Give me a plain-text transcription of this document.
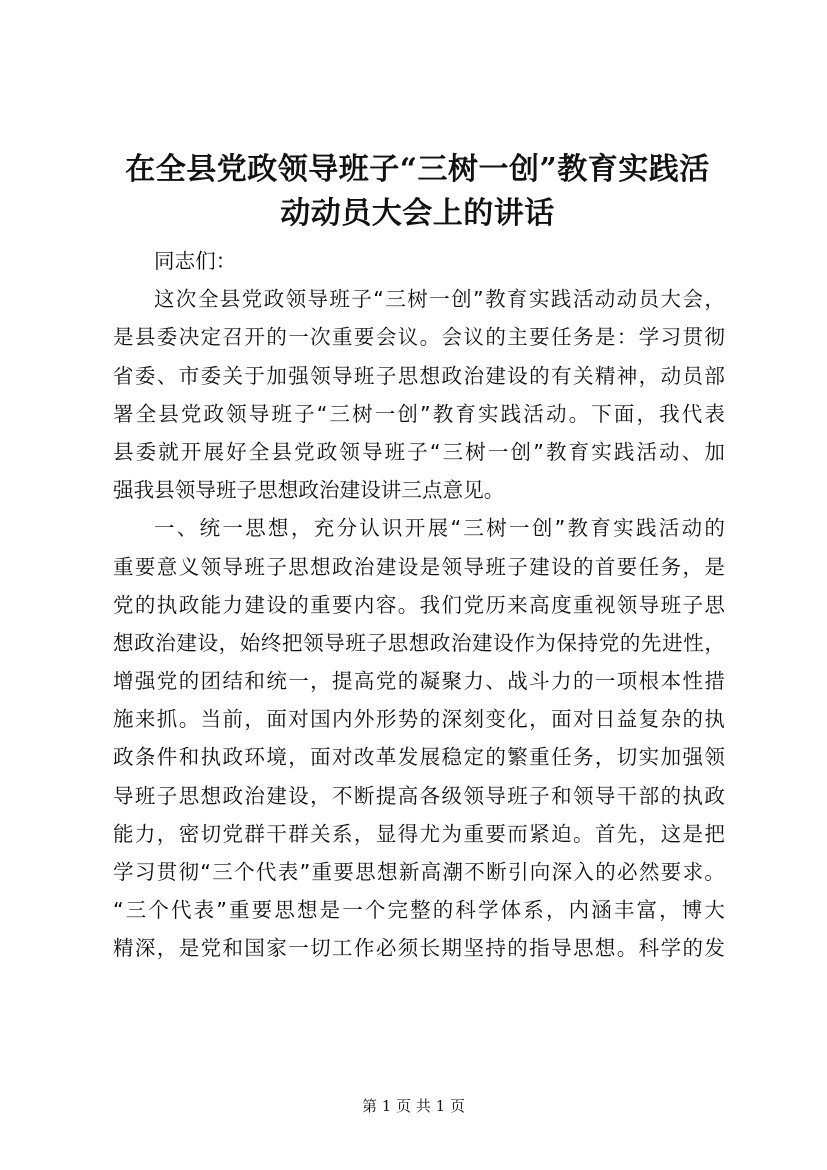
在全县党政领导班子“三树一创”教育实践活
动动员大会上的讲话
同志们：
这次全县党政领导班子“三树一创”教育实践活动动员大会，
是县委决定召开的一次重要会议。会议的主要任务是：学习贯彻
省委、市委关于加强领导班子思想政治建设的有关精神，动员部
署全县党政领导班子“三树一创”教育实践活动。下面，我代表
县委就开展好全县党政领导班子“三树一创”教育实践活动、加
强我县领导班子思想政治建设讲三点意见。
一、统一思想，充分认识开展“三树一创”教育实践活动的
重要意义领导班子思想政治建设是领导班子建设的首要任务，是
党的执政能力建设的重要内容。我们党历来高度重视领导班子思
想政治建设，始终把领导班子思想政治建设作为保持党的先进性，
增强党的团结和统一，提高党的凝聚力、战斗力的一项根本性措
施来抓。当前，面对国内外形势的深刻变化，面对日益复杂的执
政条件和执政环境，面对改革发展稳定的繁重任务，切实加强领
导班子思想政治建设，不断提高各级领导班子和领导干部的执政
能力，密切党群干群关系，显得尤为重要而紧迫。首先，这是把
学习贯彻“三个代表”重要思想新高潮不断引向深入的必然要求。
“三个代表”重要思想是一个完整的科学体系，内涵丰富，博大
精深，是党和国家一切工作必须长期坚持的指导思想。科学的发
第 1 页 共 1 页
